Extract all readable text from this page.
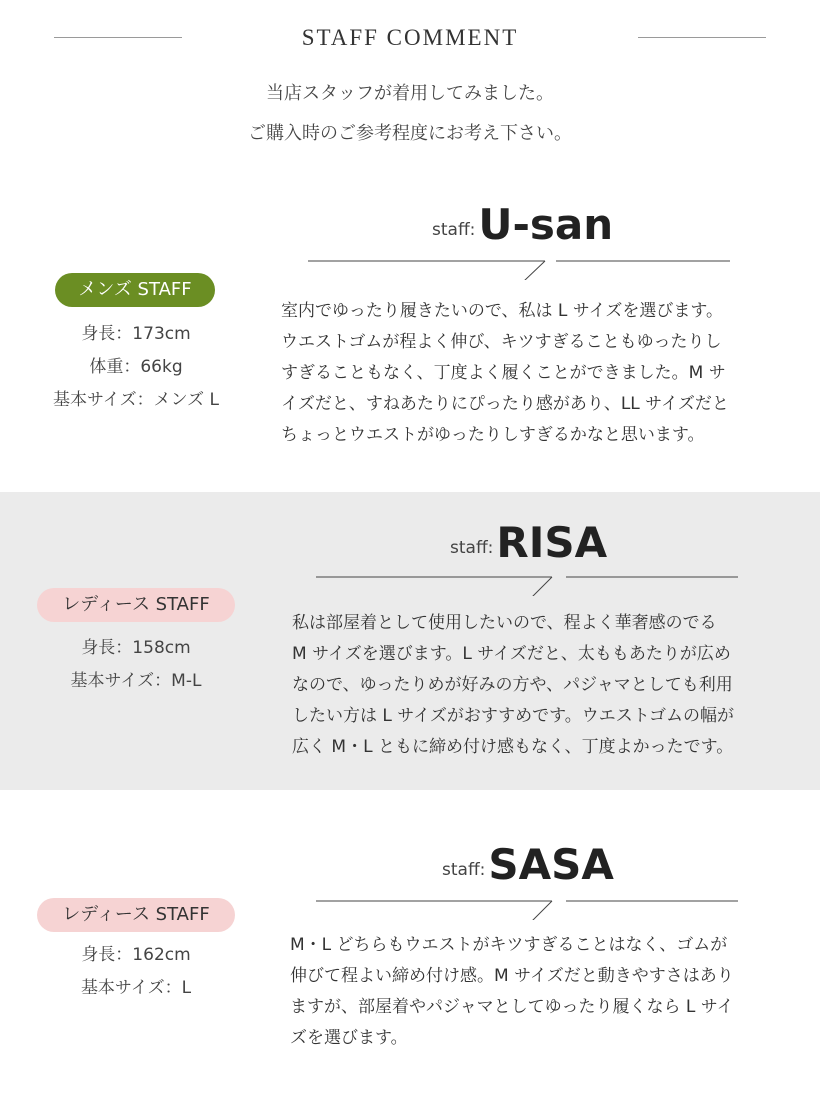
STAFF COMMENT
当店スタッフが着用してみました。
ご購入時のご参考程度にお考え下さい。
メンズ STAFF
身長：173cm
体重：66kg
基本サイズ：メンズ L
staff: U-san
室内でゆったり履きたいので、私は L サイズを選びます。
ウエストゴムが程よく伸び、キツすぎることもゆったりし
すぎることもなく、丁度よく履くことができました。M サ
イズだと、すねあたりにぴったり感があり、LL サイズだと
ちょっとウエストがゆったりしすぎるかなと思います。
レディース STAFF
身長：158cm
基本サイズ：M-L
staff: RISA
私は部屋着として使用したいので、程よく華奢感のでる
M サイズを選びます。L サイズだと、太ももあたりが広め
なので、ゆったりめが好みの方や、パジャマとしても利用
したい方は L サイズがおすすめです。ウエストゴムの幅が
広く M・L ともに締め付け感もなく、丁度よかったです。
レディース STAFF
身長：162cm
基本サイズ：L
staff: SASA
M・L どちらもウエストがキツすぎることはなく、ゴムが
伸びて程よい締め付け感。M サイズだと動きやすさはあり
ますが、部屋着やパジャマとしてゆったり履くなら L サイ
ズを選びます。
